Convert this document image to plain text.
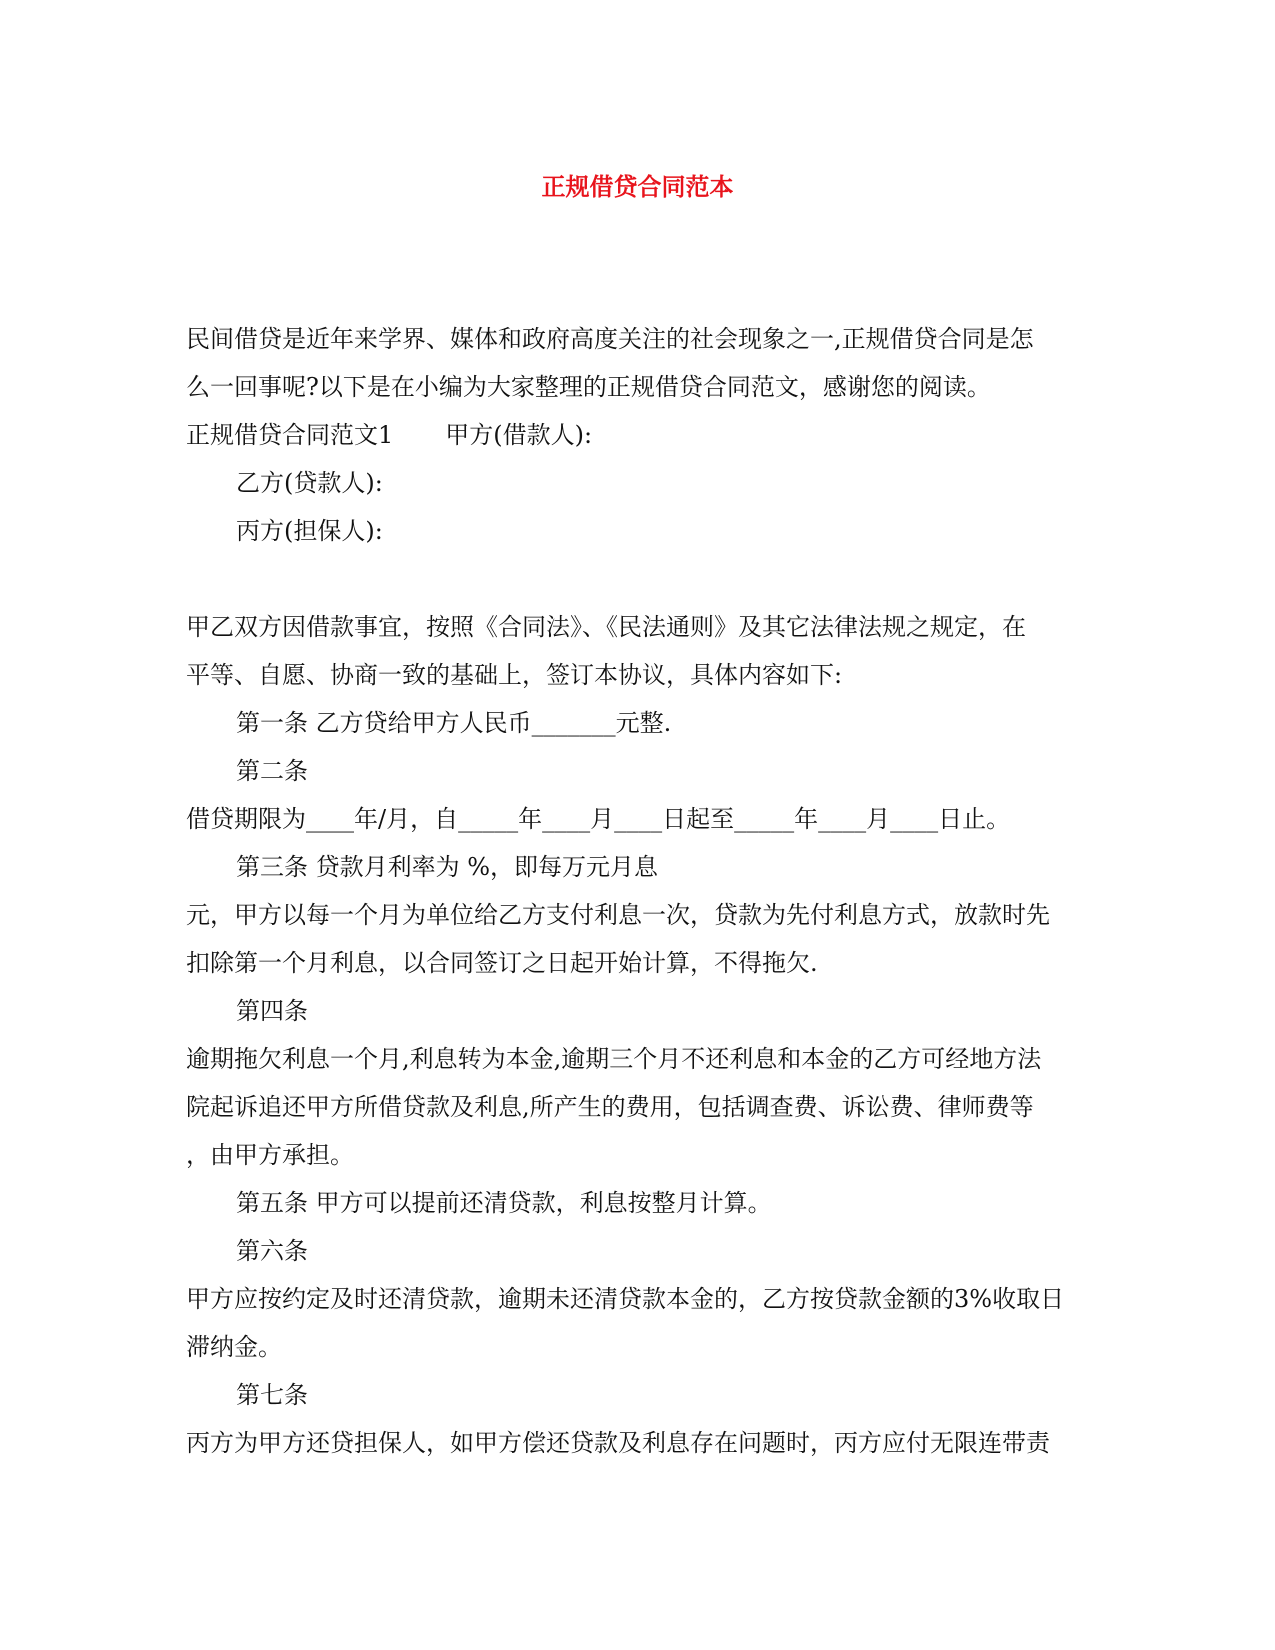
正规借贷合同范本
民间借贷是近年来学界、媒体和政府高度关注的社会现象之一,正规借贷合同是怎
么一回事呢?以下是在小编为大家整理的正规借贷合同范文，感谢您的阅读。
正规借贷合同范文1 甲方(借款人):
乙方(贷款人):
丙方(担保人):
甲乙双方因借款事宜，按照《合同法》、《民法通则》及其它法律法规之规定，在
平等、自愿、协商一致的基础上，签订本协议，具体内容如下:
第一条 乙方贷给甲方人民币_______元整.
第二条
借贷期限为____年/月，自_____年____月____日起至_____年____月____日止。
第三条 贷款月利率为 %，即每万元月息
元，甲方以每一个月为单位给乙方支付利息一次，贷款为先付利息方式，放款时先
扣除第一个月利息，以合同签订之日起开始计算，不得拖欠.
第四条
逾期拖欠利息一个月,利息转为本金,逾期三个月不还利息和本金的乙方可经地方法
院起诉追还甲方所借贷款及利息,所产生的费用，包括调查费、诉讼费、律师费等
，由甲方承担。
第五条 甲方可以提前还清贷款，利息按整月计算。
第六条
甲方应按约定及时还清贷款，逾期未还清贷款本金的，乙方按贷款金额的3%收取日
滞纳金。
第七条
丙方为甲方还贷担保人，如甲方偿还贷款及利息存在问题时，丙方应付无限连带责
